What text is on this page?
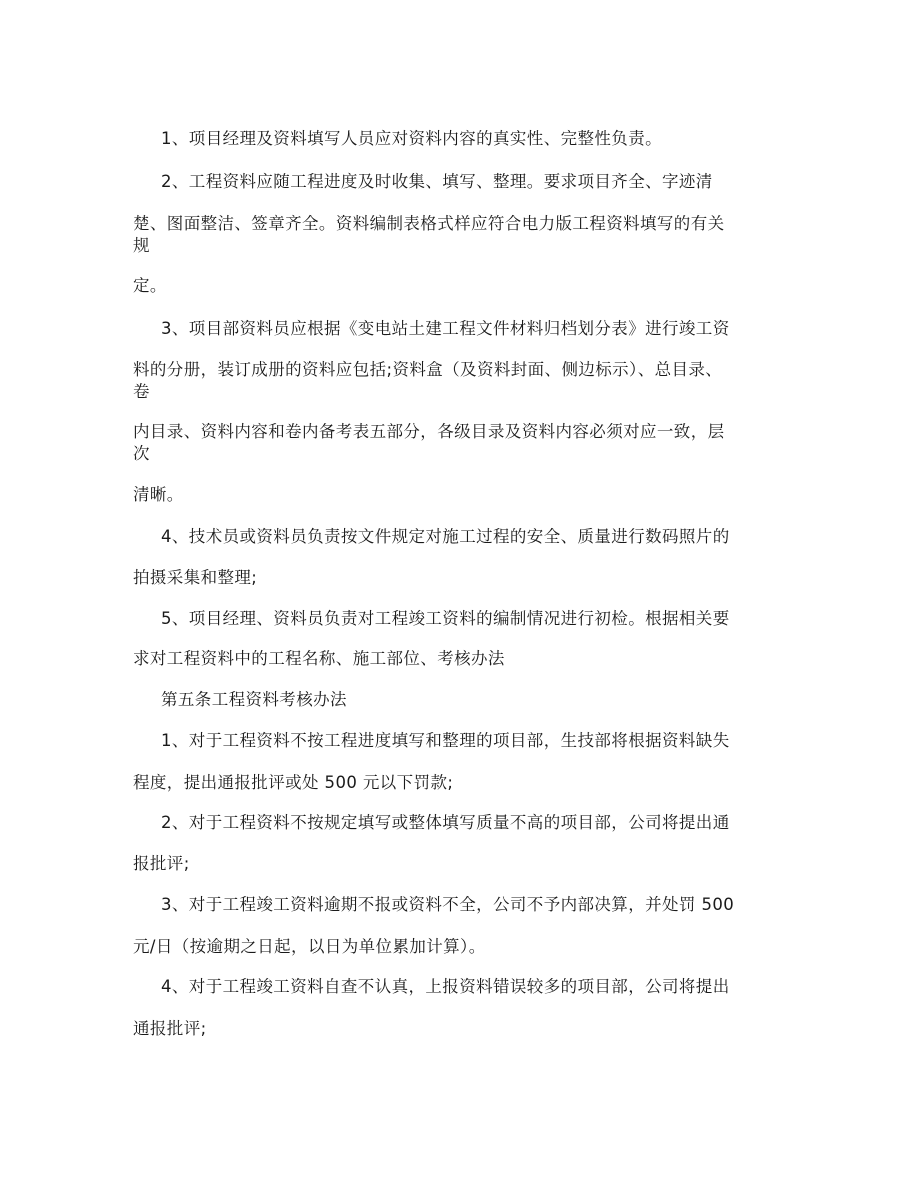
1、项目经理及资料填写人员应对资料内容的真实性、完整性负责。
2、工程资料应随工程进度及时收集、填写、整理。要求项目齐全、字迹清
楚、图面整洁、签章齐全。资料编制表格式样应符合电力版工程资料填写的有关
规
定。
3、项目部资料员应根据《变电站土建工程文件材料归档划分表》进行竣工资
料的分册，装订成册的资料应包括;资料盒（及资料封面、侧边标示）、总目录、
卷
内目录、资料内容和卷内备考表五部分，各级目录及资料内容必须对应一致，层
次
清晰。
4、技术员或资料员负责按文件规定对施工过程的安全、质量进行数码照片的
拍摄采集和整理;
5、项目经理、资料员负责对工程竣工资料的编制情况进行初检。根据相关要
求对工程资料中的工程名称、施工部位、考核办法
第五条工程资料考核办法
1、对于工程资料不按工程进度填写和整理的项目部，生技部将根据资料缺失
程度，提出通报批评或处 500 元以下罚款;
2、对于工程资料不按规定填写或整体填写质量不高的项目部，公司将提出通
报批评;
3、对于工程竣工资料逾期不报或资料不全，公司不予内部决算，并处罚 500
元/日（按逾期之日起，以日为单位累加计算）。
4、对于工程竣工资料自查不认真，上报资料错误较多的项目部，公司将提出
通报批评;
